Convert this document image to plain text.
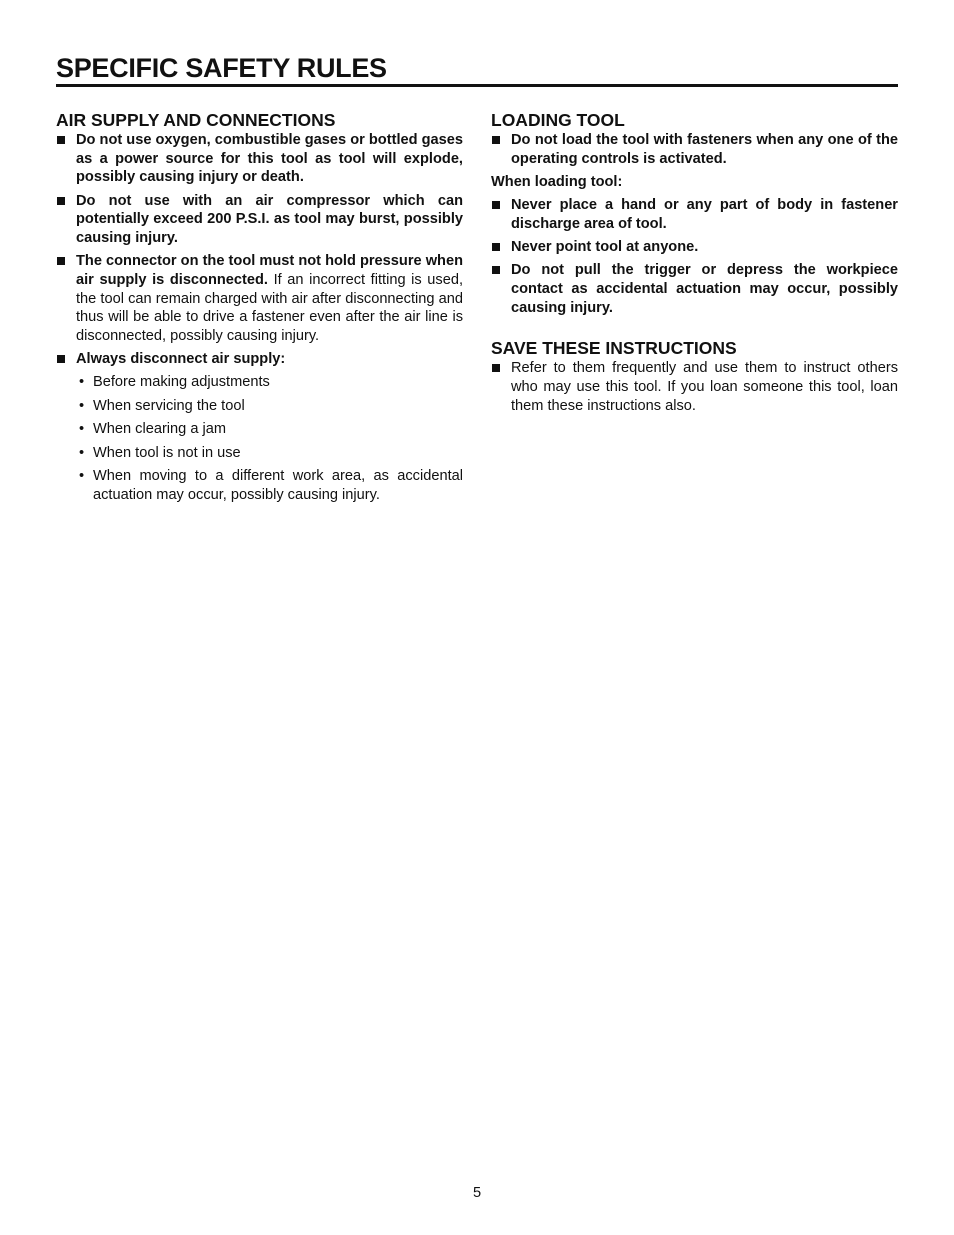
SPECIFIC SAFETY RULES
AIR SUPPLY AND CONNECTIONS

Do not use oxygen, combustible gases or bottled gases as a power source for this tool as tool will explode, possibly causing injury or death.

Do not use with an air compressor which can potentially exceed 200 P.S.I. as tool may burst, possibly causing injury.

The connector on the tool must not hold pressure when air supply is disconnected. If an incorrect fitting is used, the tool can remain charged with air after disconnecting and thus will be able to drive a fastener even after the air line is disconnected, possibly causing injury.

Always disconnect air supply:

• Before making adjustments
• When servicing the tool
• When clearing a jam
• When tool is not in use
• When moving to a different work area, as accidental actuation may occur, possibly causing injury.
LOADING TOOL

Do not load the tool with fasteners when any one of the operating controls is activated.

When loading tool:

Never place a hand or any part of body in fastener discharge area of tool.

Never point tool at anyone.

Do not pull the trigger or depress the workpiece contact as accidental actuation may occur, possibly causing injury.

SAVE THESE INSTRUCTIONS

Refer to them frequently and use them to instruct others who may use this tool. If you loan someone this tool, loan them these instructions also.

5
